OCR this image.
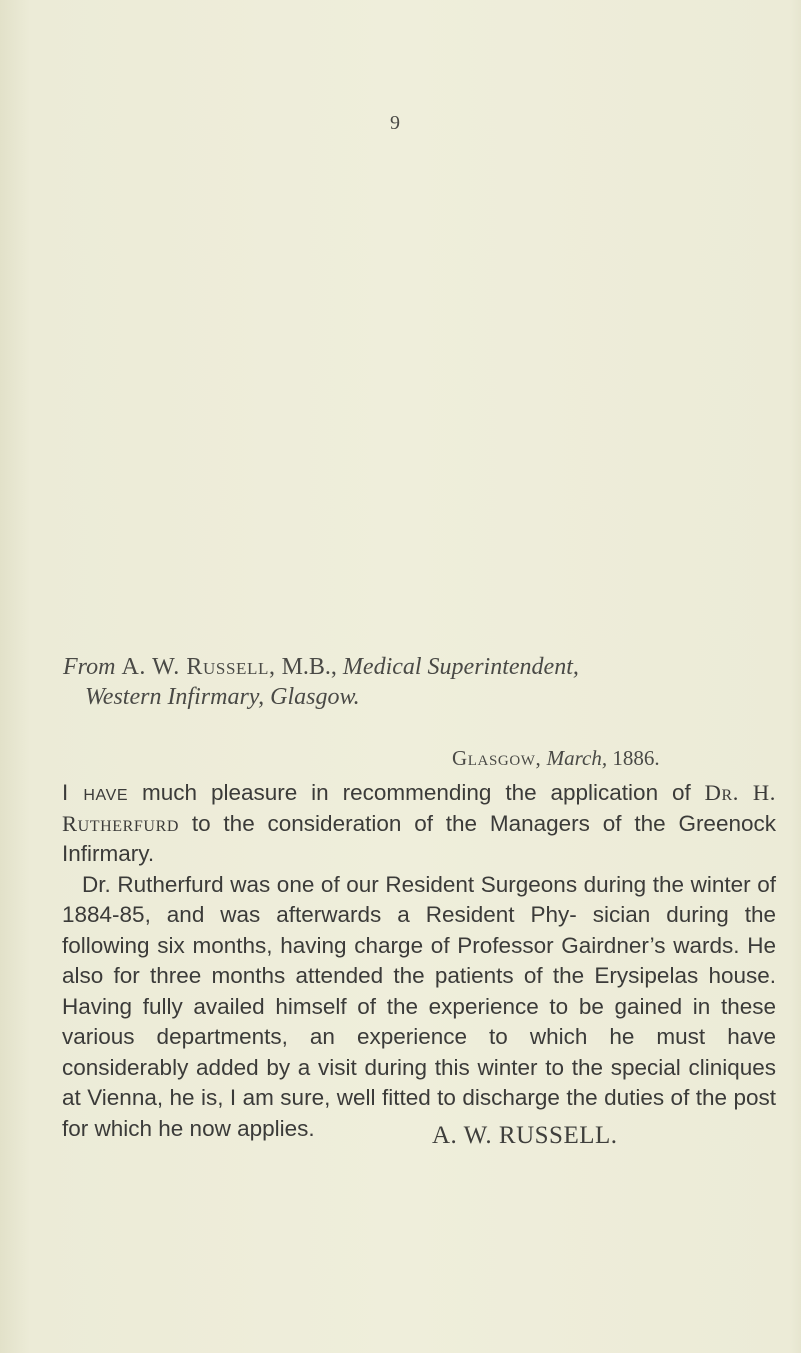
9
From A. W. Russell, M.B., Medical Superintendent,
Western Infirmary, Glasgow.
Glasgow, March, 1886.

I have much pleasure in recommending the application of Dr. H. Rutherfurd to the consideration of the Managers of the Greenock Infirmary.

Dr. Rutherfurd was one of our Resident Surgeons during the winter of 1884-85, and was afterwards a Resident Phy- sician during the following six months, having charge of Professor Gairdner’s wards. He also for three months attended the patients of the Erysipelas house. Having fully availed himself of the experience to be gained in these various departments, an experience to which he must have considerably added by a visit during this winter to the special cliniques at Vienna, he is, I am sure, well fitted to discharge the duties of the post for which he now applies.	A. W. RUSSELL.
